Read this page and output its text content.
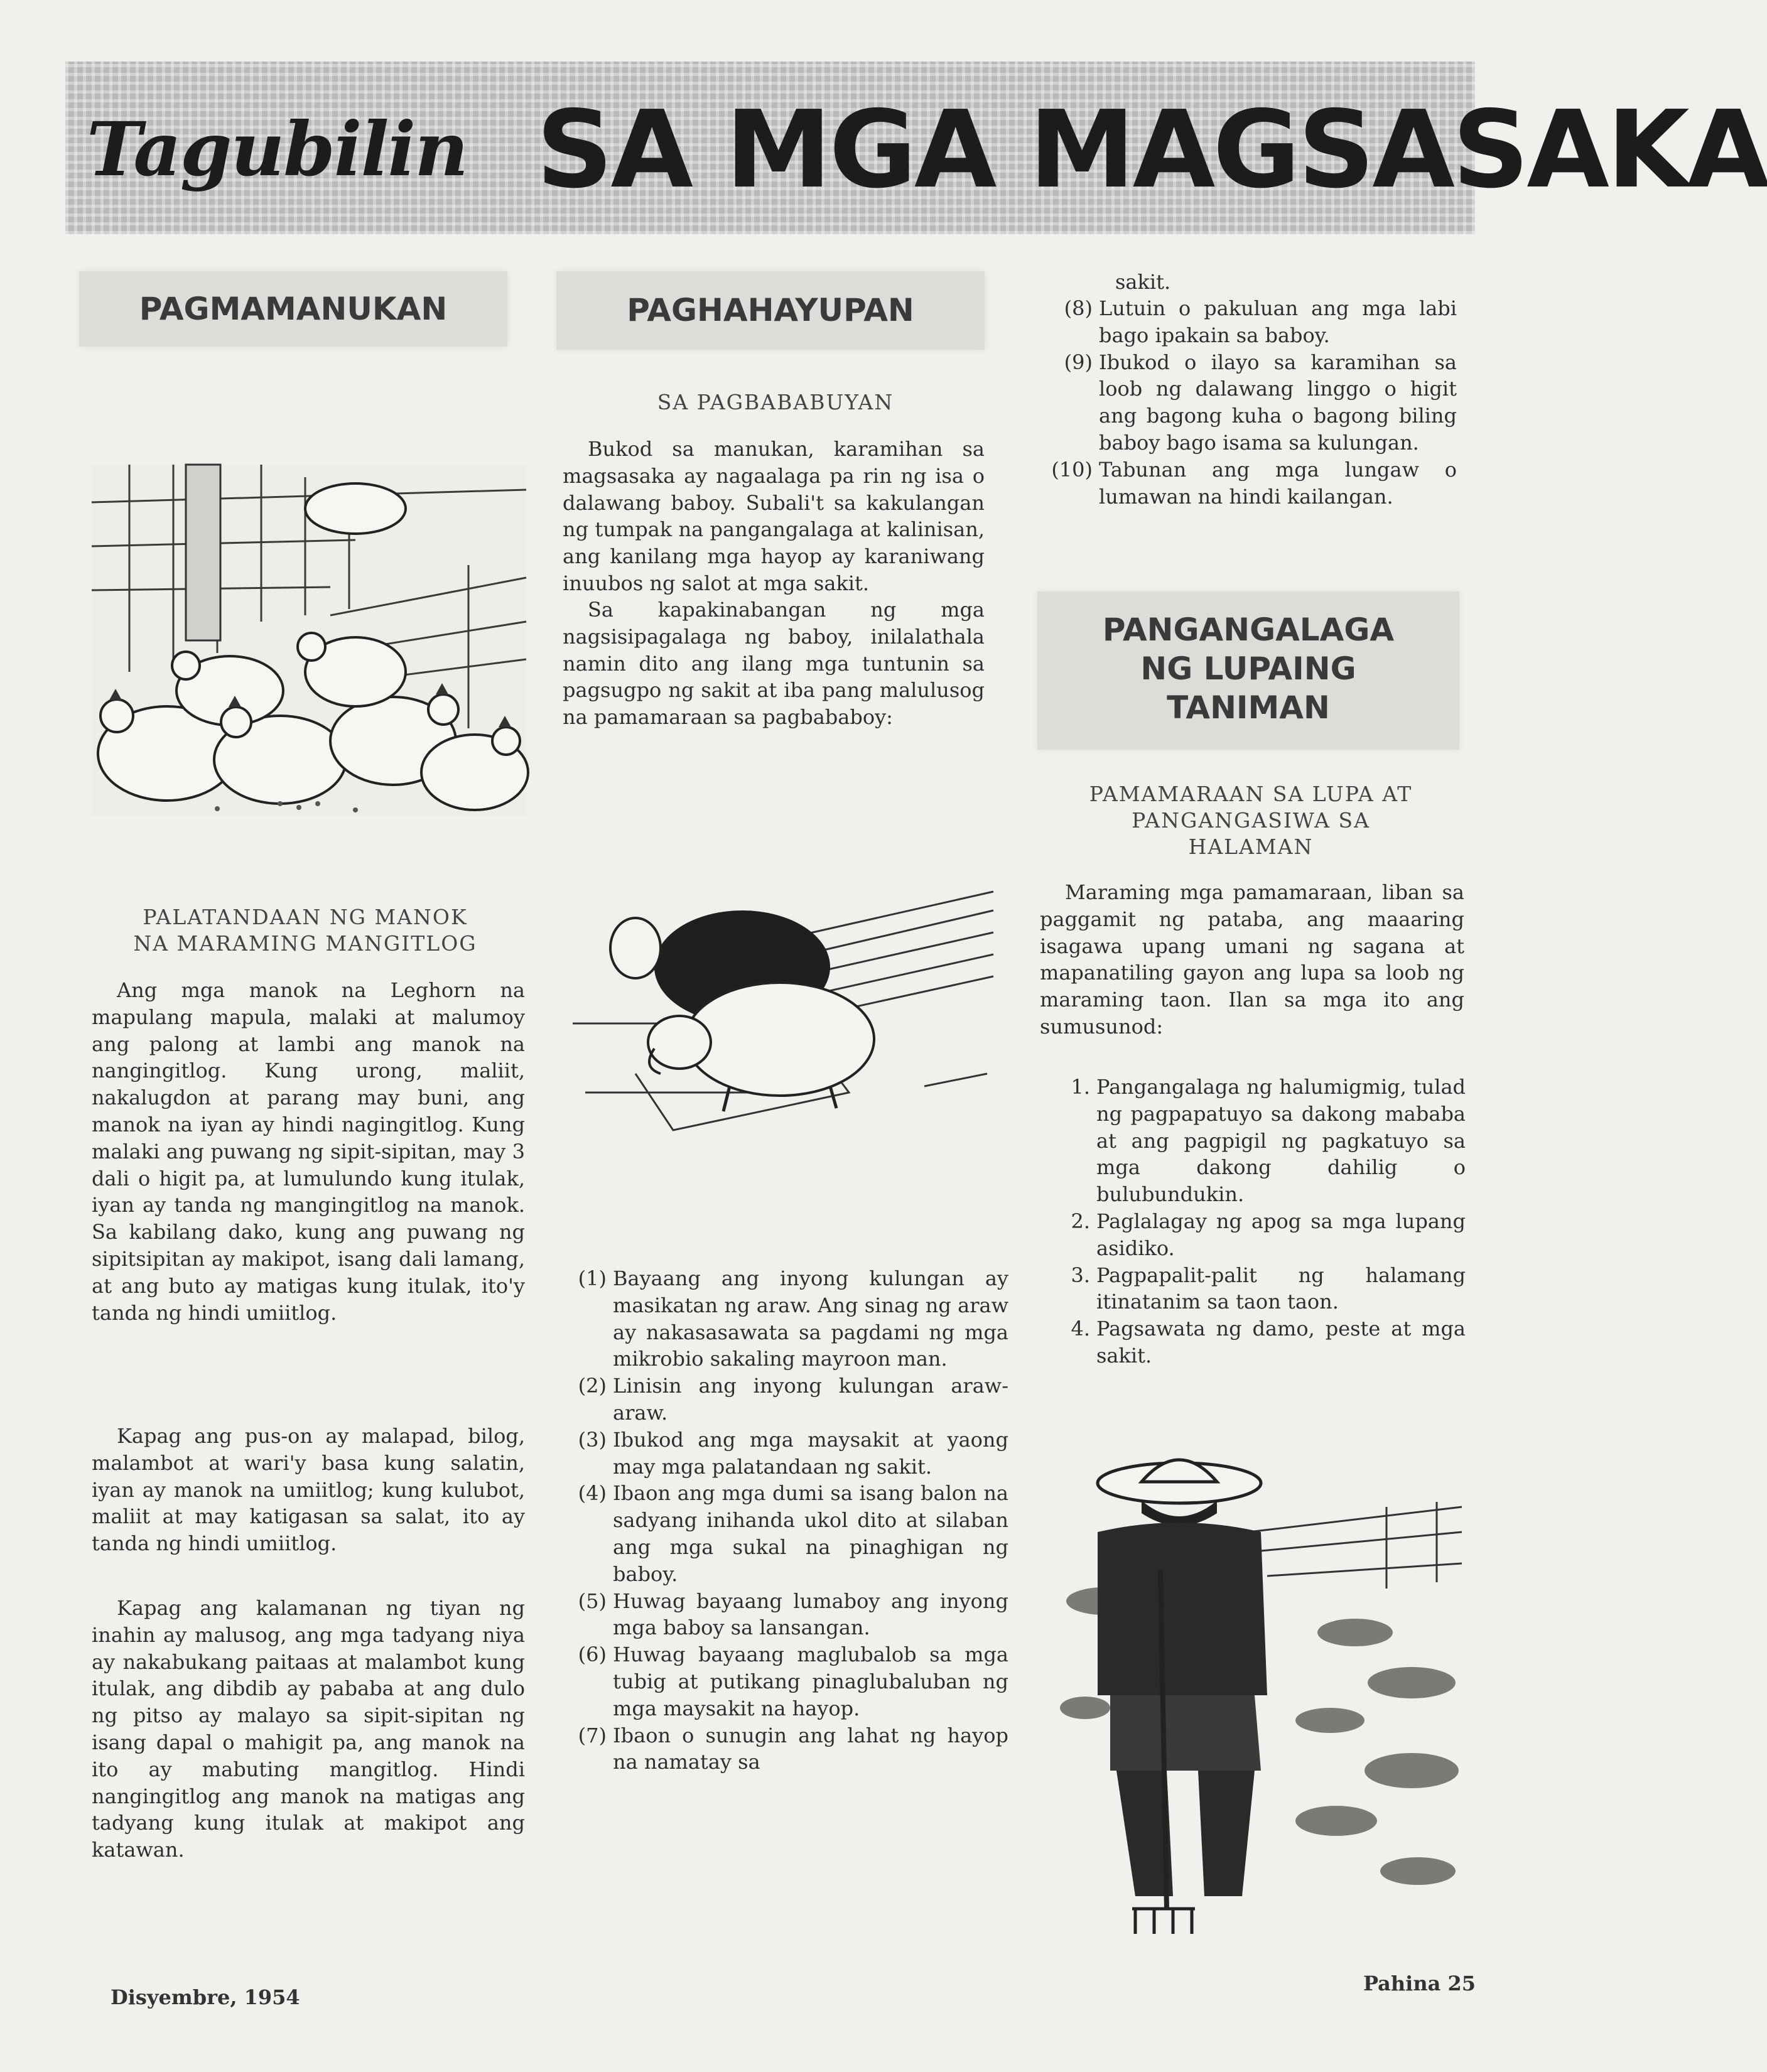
Tagubilin SA MGA MAGSASAKA
PAGMAMANUKAN
PALATANDAAN NG MANOK
NA MARAMING MANGITLOG

Ang mga manok na Leghorn na mapulang mapula, malaki at malumoy ang palong at lambi ang manok na nangingitlog. Kung urong, maliit, nakalugdon at parang may buni, ang manok na iyan ay hindi nagingitlog. Kung malaki ang puwang ng sipit-sipitan, may 3 dali o higit pa, at lumulundo kung itulak, iyan ay tanda ng mangingitlog na manok. Sa kabilang dako, kung ang puwang ng sipitsipitan ay makipot, isang dali lamang, at ang buto ay matigas kung itulak, ito'y tanda ng hindi umiitlog.

Kapag ang pus-on ay malapad, bilog, malambot at wari'y basa kung salatin, iyan ay manok na umiitlog; kung kulubot, maliit at may katigasan sa salat, ito ay tanda ng hindi umiitlog.

Kapag ang kalamanan ng tiyan ng inahin ay malusog, ang mga tadyang niya ay nakabukang paitaas at malambot kung itulak, ang dibdib ay pababa at ang dulo ng pitso ay malayo sa sipit-sipitan ng isang dapal o mahigit pa, ang manok na ito ay mabuting mangitlog. Hindi nangingitlog ang manok na matigas ang tadyang kung itulak at makipot ang katawan.

PAGHAHAYUPAN
SA PAGBABABUYAN

Bukod sa manukan, karamihan sa magsasaka ay nagaalaga pa rin ng isa o dalawang baboy. Subali't sa kakulangan ng tumpak na pangangalaga at kalinisan, ang kanilang mga hayop ay karaniwang inuubos ng salot at mga sakit.

Sa kapakinabangan ng mga nagsisipagalaga ng baboy, inilalathala namin dito ang ilang mga tuntunin sa pagsugpo ng sakit at iba pang malulusog na pamamaraan sa pagbababoy:

(1) Bayaang ang inyong kulungan ay masikatan ng araw. Ang sinag ng araw ay nakasasawata sa pagdami ng mga mikrobio sakaling mayroon man.
(2) Linisin ang inyong kulungan araw-araw.
(3) Ibukod ang mga maysakit at yaong may mga palatandaan ng sakit.
(4) Ibaon ang mga dumi sa isang balon na sadyang inihanda ukol dito at silaban ang mga sukal na pinaghigan ng baboy.
(5) Huwag bayaang lumaboy ang inyong mga baboy sa lansangan.
(6) Huwag bayaang maglubalob sa mga tubig at putikang pinaglubaluban ng mga maysakit na hayop.
(7) Ibaon o sunugin ang lahat ng hayop na namatay sa
sakit.
(8) Lutuin o pakuluan ang mga labi bago ipakain sa baboy.
(9) Ibukod o ilayo sa karamihan sa loob ng dalawang linggo o higit ang bagong kuha o bagong biling baboy bago isama sa kulungan.
(10) Tabunan ang mga lungaw o lumawan na hindi kailangan.
PANGANGALAGA
NG LUPAING
TANIMAN
PAMAMARAAN SA LUPA AT
PANGANGASIWA SA
HALAMAN

Maraming mga pamamaraan, liban sa paggamit ng pataba, ang maaaring isagawa upang umani ng sagana at mapanatiling gayon ang lupa sa loob ng maraming taon. Ilan sa mga ito ang sumusunod:

1. Pangangalaga ng halumigmig, tulad ng pagpapatuyo sa dakong mababa at ang pagpigil ng pagkatuyo sa mga dakong dahilig o bulubundukin.
2. Paglalagay ng apog sa mga lupang asidiko.
3. Pagpapalit-palit ng halamang itinatanim sa taon taon.
4. Pagsawata ng damo, peste at mga sakit.
Disyembre, 1954
Pahina 25
